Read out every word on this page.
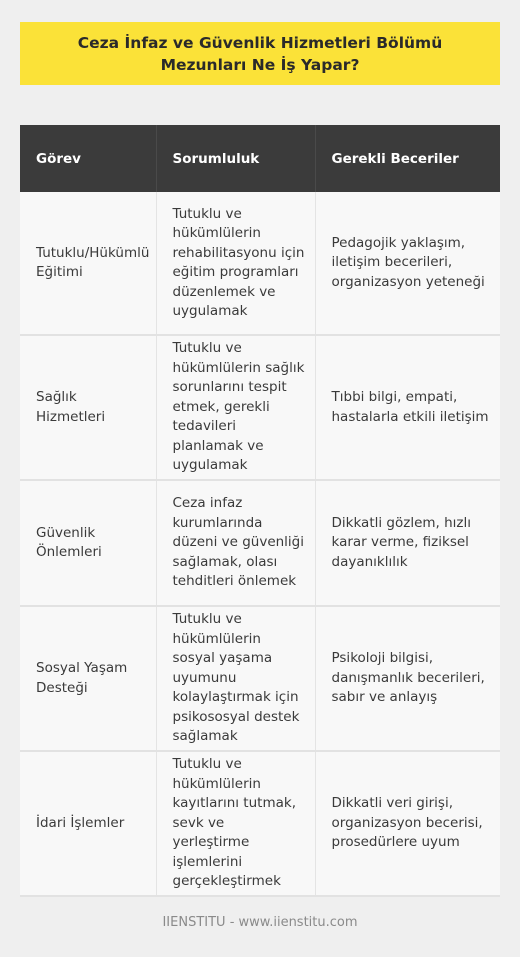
Ceza İnfaz ve Güvenlik Hizmetleri Bölümü Mezunları Ne İş Yapar?
Görev	Sorumluluk	Gerekli Beceriler
Tutuklu/Hükümlü Eğitimi	Tutuklu ve hükümlülerin rehabilitasyonu için eğitim programları düzenlemek ve uygulamak	Pedagojik yaklaşım, iletişim becerileri, organizasyon yeteneği
Sağlık Hizmetleri	Tutuklu ve hükümlülerin sağlık sorunlarını tespit etmek, gerekli tedavileri planlamak ve uygulamak	Tıbbi bilgi, empati, hastalarla etkili iletişim
Güvenlik Önlemleri	Ceza infaz kurumlarında düzeni ve güvenliği sağlamak, olası tehditleri önlemek	Dikkatli gözlem, hızlı karar verme, fiziksel dayanıklılık
Sosyal Yaşam Desteği	Tutuklu ve hükümlülerin sosyal yaşama uyumunu kolaylaştırmak için psikososyal destek sağlamak	Psikoloji bilgisi, danışmanlık becerileri, sabır ve anlayış
İdari İşlemler	Tutuklu ve hükümlülerin kayıtlarını tutmak, sevk ve yerleştirme işlemlerini gerçekleştirmek	Dikkatli veri girişi, organizasyon becerisi, prosedürlere uyum
IIENSTITU - www.iienstitu.com
